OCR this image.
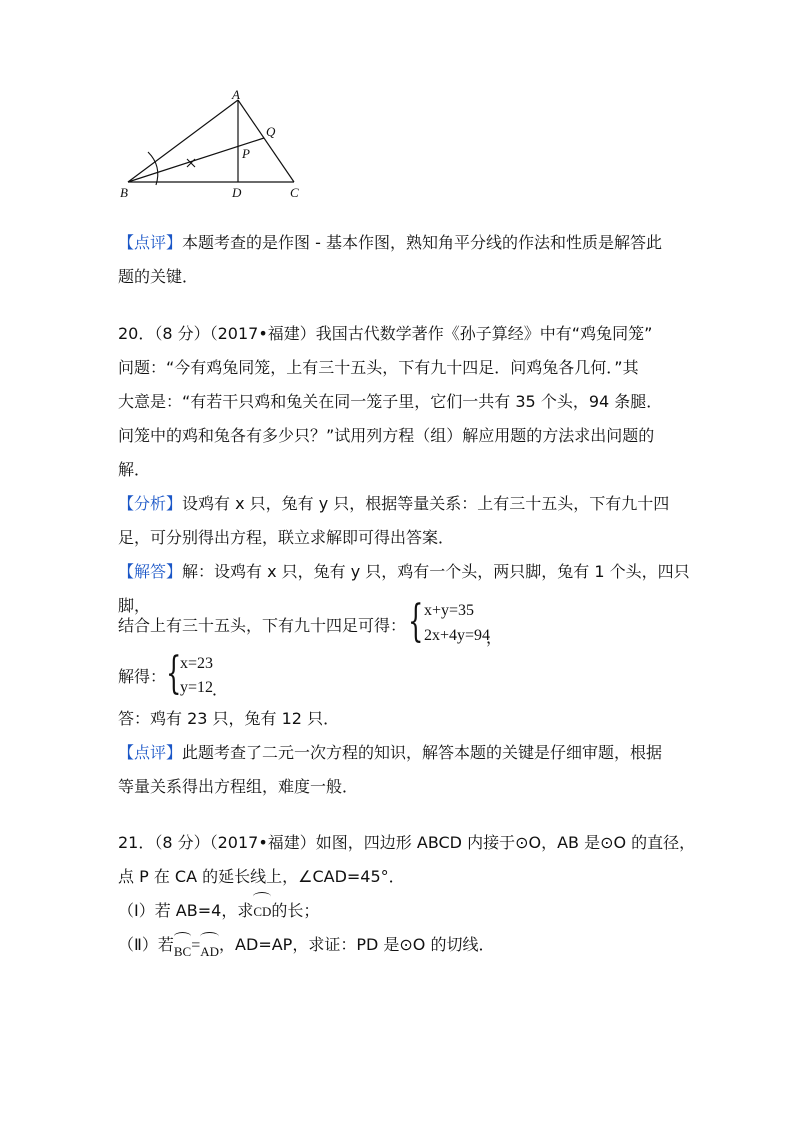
A
Q
P
B	D	C
【点评】本题考查的是作图 - 基本作图，熟知角平分线的作法和性质是解答此
题的关键．
20．（8 分）（2017•福建）我国古代数学著作《孙子算经》中有“鸡兔同笼”
问题：“今有鸡兔同笼，上有三十五头，下有九十四足．问鸡兔各几何．”其
大意是：“有若干只鸡和兔关在同一笼子里，它们一共有 35 个头，94 条腿．
问笼中的鸡和兔各有多少只？”试用列方程（组）解应用题的方法求出问题的
解．
【分析】设鸡有 x 只，兔有 y 只，根据等量关系：上有三十五头，下有九十四
足，可分别得出方程，联立求解即可得出答案．
【解答】解：设鸡有 x 只，兔有 y 只，鸡有一个头，两只脚，兔有 1 个头，四只
脚，
结合上有三十五头，下有九十四足可得： { x+y=35
2x+4y=94
，
解得： {
x=23
y=12
．
答：鸡有 23 只，兔有 12 只．
【点评】此题考查了二元一次方程的知识，解答本题的关键是仔细审题，根据
等量关系得出方程组，难度一般．
21．（8 分）（2017•福建）如图，四边形 ABCD 内接于⊙O，AB 是⊙O 的直径，
点 P 在 CA 的延长线上，∠CAD=45°．
（Ⅰ）若 AB=4，求CD的长；
（Ⅱ）若BC=AD，AD=AP，求证：PD 是⊙O 的切线．
